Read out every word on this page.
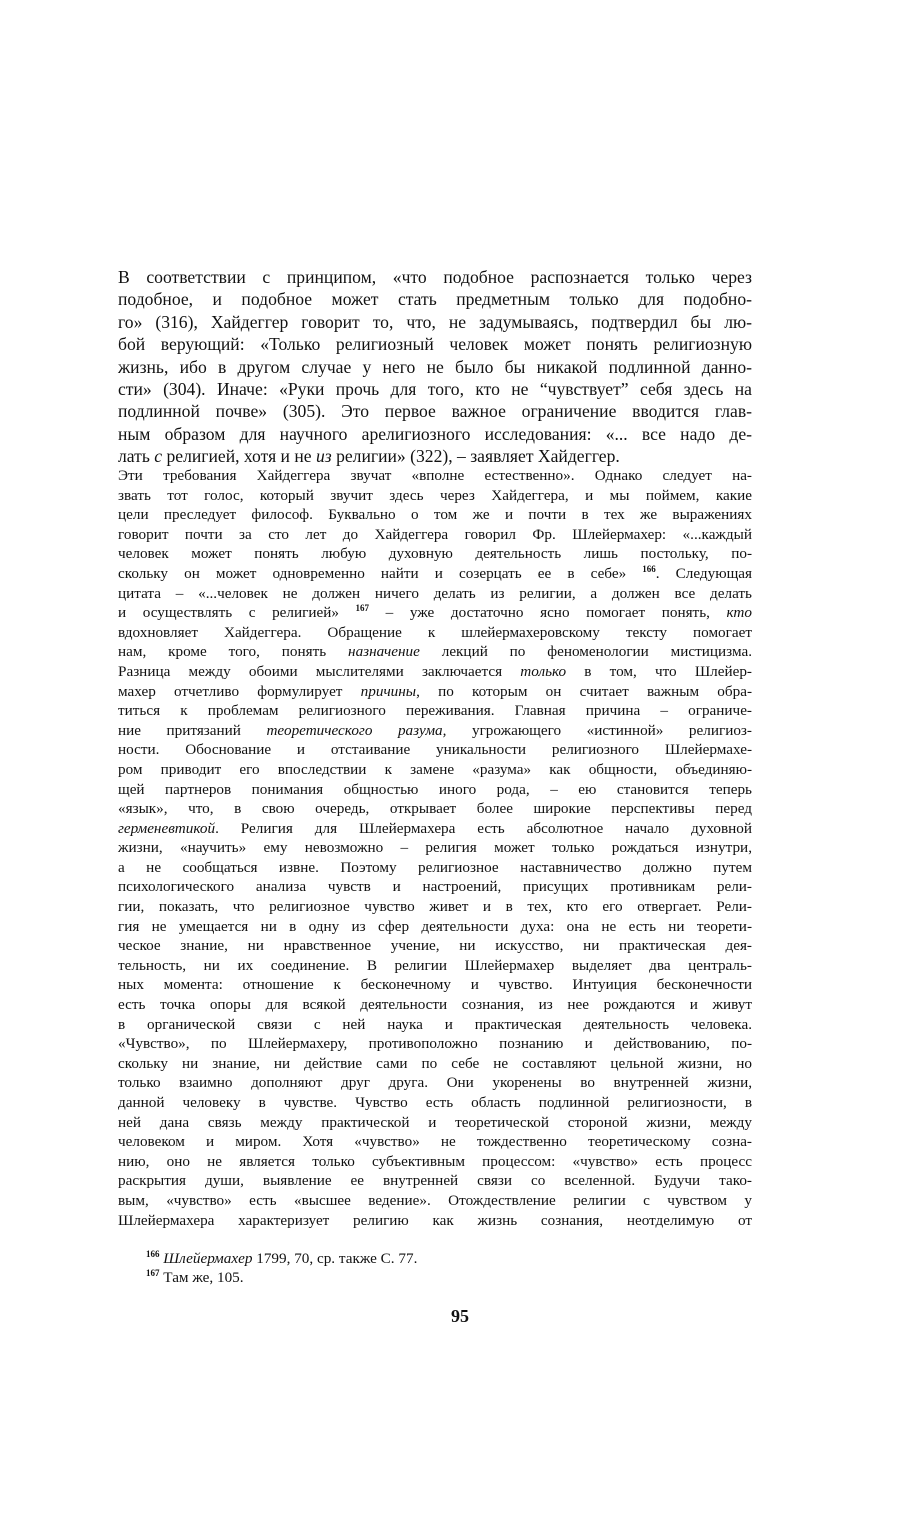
В соответствии с принципом, «что подобное распознается только через
подобное, и подобное может стать предметным только для подобно-
го» (316), Хайдеггер говорит то, что, не задумываясь, подтвердил бы лю-
бой верующий: «Только религиозный человек может понять религиозную
жизнь, ибо в другом случае у него не было бы никакой подлинной данно-
сти» (304). Иначе: «Руки прочь для того, кто не “чувствует” себя здесь на
подлинной почве» (305). Это первое важное ограничение вводится глав-
ным образом для научного арелигиозного исследования: «... все надо де-
лать с религией, хотя и не из религии» (322), – заявляет Хайдеггер.
Эти требования Хайдеггера звучат «вполне естественно». Однако следует на-
звать тот голос, который звучит здесь через Хайдеггера, и мы поймем, какие
цели преследует философ. Буквально о том же и почти в тех же выражениях
говорит почти за сто лет до Хайдеггера говорил Фр. Шлейермахер: «...каждый
человек может понять любую духовную деятельность лишь постольку, по-
скольку он может одновременно найти и созерцать ее в себе» $^{166}$. Следующая
цитата – «...человек не должен ничего делать из религии, а должен все делать
и осуществлять с религией» $^{167}$ – уже достаточно ясно помогает понять, кто
вдохновляет Хайдеггера. Обращение к шлейермахеровскому тексту помогает
нам, кроме того, понять назначение лекций по феноменологии мистицизма.
Разница между обоими мыслителями заключается только в том, что Шлейер-
махер отчетливо формулирует причины, по которым он считает важным обра-
титься к проблемам религиозного переживания. Главная причина – ограниче-
ние притязаний теоретического разума, угрожающего «истинной» религиоз-
ности. Обоснование и отстаивание уникальности религиозного Шлейермахе-
ром приводит его впоследствии к замене «разума» как общности, объединяю-
щей партнеров понимания общностью иного рода, – ею становится теперь
«язык», что, в свою очередь, открывает более широкие перспективы перед
герменевтикой. Религия для Шлейермахера есть абсолютное начало духовной
жизни, «научить» ему невозможно – религия может только рождаться изнутри,
а не сообщаться извне. Поэтому религиозное наставничество должно путем
психологического анализа чувств и настроений, присущих противникам рели-
гии, показать, что религиозное чувство живет и в тех, кто его отвергает. Рели-
гия не умещается ни в одну из сфер деятельности духа: она не есть ни теорети-
ческое знание, ни нравственное учение, ни искусство, ни практическая дея-
тельность, ни их соединение. В религии Шлейермахер выделяет два централь-
ных момента: отношение к бесконечному и чувство. Интуиция бесконечности
есть точка опоры для всякой деятельности сознания, из нее рождаются и живут
в органической связи с ней наука и практическая деятельность человека.
«Чувство», по Шлейермахеру, противоположно познанию и действованию, по-
скольку ни знание, ни действие сами по себе не составляют цельной жизни, но
только взаимно дополняют друг друга. Они укоренены во внутренней жизни,
данной человеку в чувстве. Чувство есть область подлинной религиозности, в
ней дана связь между практической и теоретической стороной жизни, между
человеком и миром. Хотя «чувство» не тождественно теоретическому созна-
нию, оно не является только субъективным процессом: «чувство» есть процесс
раскрытия души, выявление ее внутренней связи со вселенной. Будучи тако-
вым, «чувство» есть «высшее ведение». Отождествление религии с чувством у
Шлейермахера характеризует религию как жизнь сознания, неотделимую от
$^{166}$ Шлейермахер 1799, 70, ср. также С. 77.
$^{167}$ Там же, 105.
95
